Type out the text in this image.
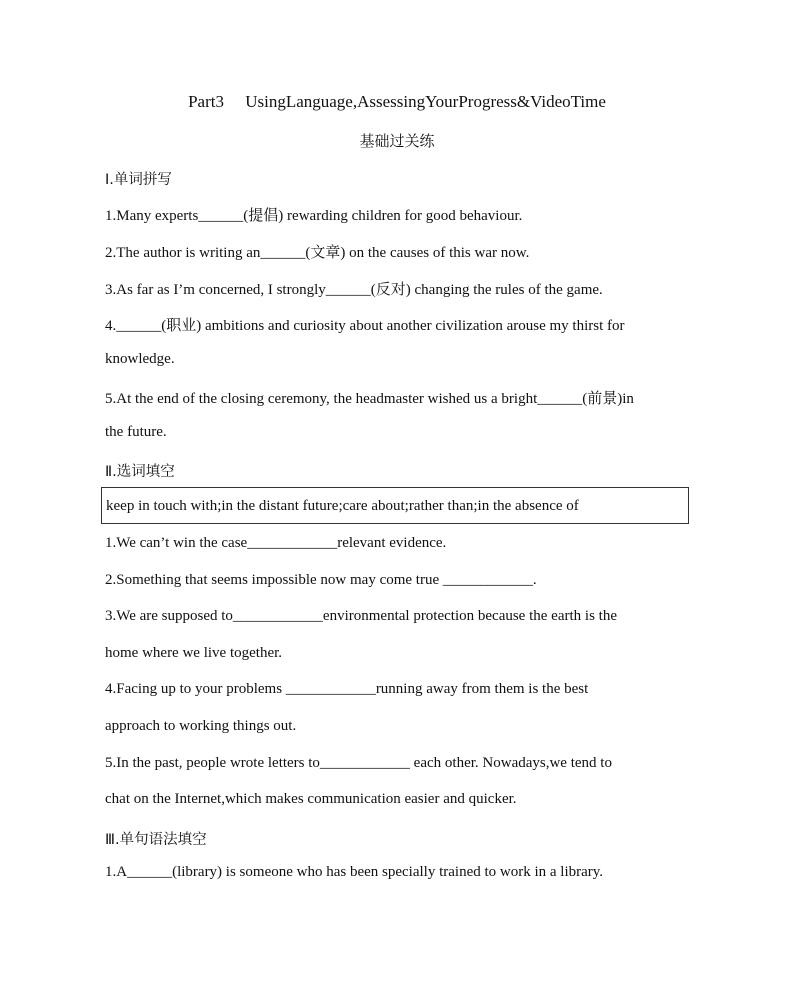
Part3     UsingLanguage,AssessingYourProgress&VideoTime
基础过关练
Ⅰ.单词拼写
1.Many experts______(提倡) rewarding children for good behaviour.
2.The author is writing an______(文章) on the causes of this war now.
3.As far as I’m concerned, I strongly______(反对) changing the rules of the game.
4.______(职业) ambitions and curiosity about another civilization arouse my thirst for
knowledge.
5.At the end of the closing ceremony, the headmaster wished us a bright______(前景)in
the future.
Ⅱ.选词填空
keep in touch with;in the distant future;care about;rather than;in the absence of
1.We can’t win the case____________relevant evidence.
2.Something that seems impossible now may come true ____________.
3.We are supposed to____________environmental protection because the earth is the
home where we live together.
4.Facing up to your problems ____________running away from them is the best
approach to working things out.
5.In the past, people wrote letters to____________ each other. Nowadays,we tend to
chat on the Internet,which makes communication easier and quicker.
Ⅲ.单句语法填空
1.A______(library) is someone who has been specially trained to work in a library.
